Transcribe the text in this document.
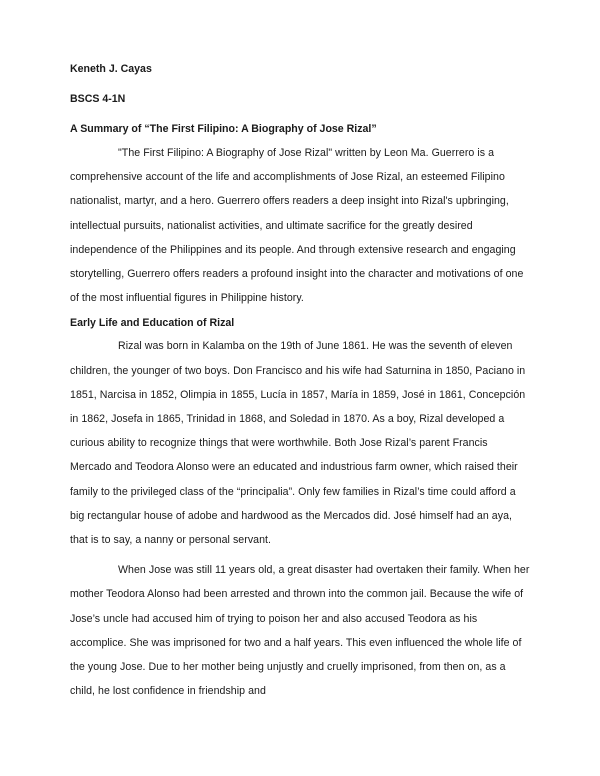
Keneth J. Cayas

BSCS 4-1N

A Summary of “The First Filipino: A Biography of Jose Rizal”

"The First Filipino: A Biography of Jose Rizal" written by Leon Ma. Guerrero is a comprehensive account of the life and accomplishments of Jose Rizal, an esteemed Filipino nationalist, martyr, and a hero. Guerrero offers readers a deep insight into Rizal's upbringing, intellectual pursuits, nationalist activities, and ultimate sacrifice for the greatly desired independence of the Philippines and its people. And through extensive research and engaging storytelling, Guerrero offers readers a profound insight into the character and motivations of one of the most influential figures in Philippine history.

Early Life and Education of Rizal

Rizal was born in Kalamba on the 19th of June 1861. He was the seventh of eleven children, the younger of two boys. Don Francisco and his wife had Saturnina in 1850, Paciano in 1851, Narcisa in 1852, Olimpia in 1855, Lucía in 1857, María in 1859, José in 1861, Concepción in 1862, Josefa in 1865, Trinidad in 1868, and Soledad in 1870. As a boy, Rizal developed a curious ability to recognize things that were worthwhile. Both Jose Rizal’s parent Francis Mercado and Teodora Alonso were an educated and industrious farm owner, which raised their family to the privileged class of the “principalia”. Only few families in Rizal’s time could afford a big rectangular house of adobe and hardwood as the Mercados did. José himself had an aya, that is to say, a nanny or personal servant.

When Jose was still 11 years old, a great disaster had overtaken their family. When her mother Teodora Alonso had been arrested and thrown into the common jail. Because the wife of Jose’s uncle had accused him of trying to poison her and also accused Teodora as his accomplice. She was imprisoned for two and a half years. This even influenced the whole life of the young Jose. Due to her mother being unjustly and cruelly imprisoned, from then on, as a child, he lost confidence in friendship and
